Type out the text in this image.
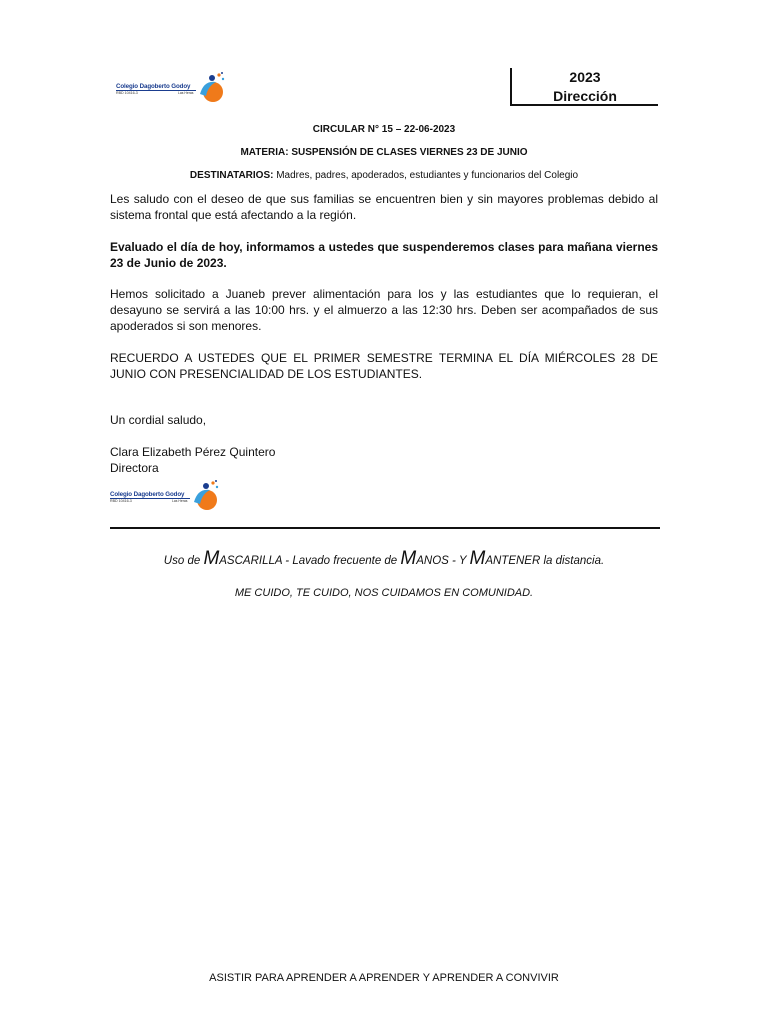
Colegio Dagoberto Godoy
RBD 10416-3	Las Heras
2023
Dirección
CIRCULAR N° 15 – 22-06-2023
MATERIA: SUSPENSIÓN DE CLASES VIERNES 23 DE JUNIO
DESTINATARIOS: Madres, padres, apoderados, estudiantes y funcionarios del Colegio
Les saludo con el deseo de que sus familias se encuentren bien y sin mayores problemas debido al sistema frontal que está afectando a la región.
Evaluado el día de hoy, informamos a ustedes que suspenderemos clases para mañana viernes 23 de Junio de 2023.
Hemos solicitado a Juaneb prever alimentación para los y las estudiantes que lo requieran, el desayuno se servirá a las 10:00 hrs. y el almuerzo a las 12:30 hrs. Deben ser acompañados de sus apoderados si son menores.
RECUERDO A USTEDES QUE EL PRIMER SEMESTRE TERMINA EL DÍA MIÉRCOLES 28 DE JUNIO CON PRESENCIALIDAD DE LOS ESTUDIANTES.
Un cordial saludo,
Clara Elizabeth Pérez Quintero
Directora
Colegio Dagoberto Godoy
RBD 10416-3	Las Heras
Uso de MASCARILLA - Lavado frecuente de MANOS - Y MANTENER la distancia.
ME CUIDO, TE CUIDO, NOS CUIDAMOS EN COMUNIDAD.
ASISTIR PARA APRENDER A APRENDER Y APRENDER A CONVIVIR
